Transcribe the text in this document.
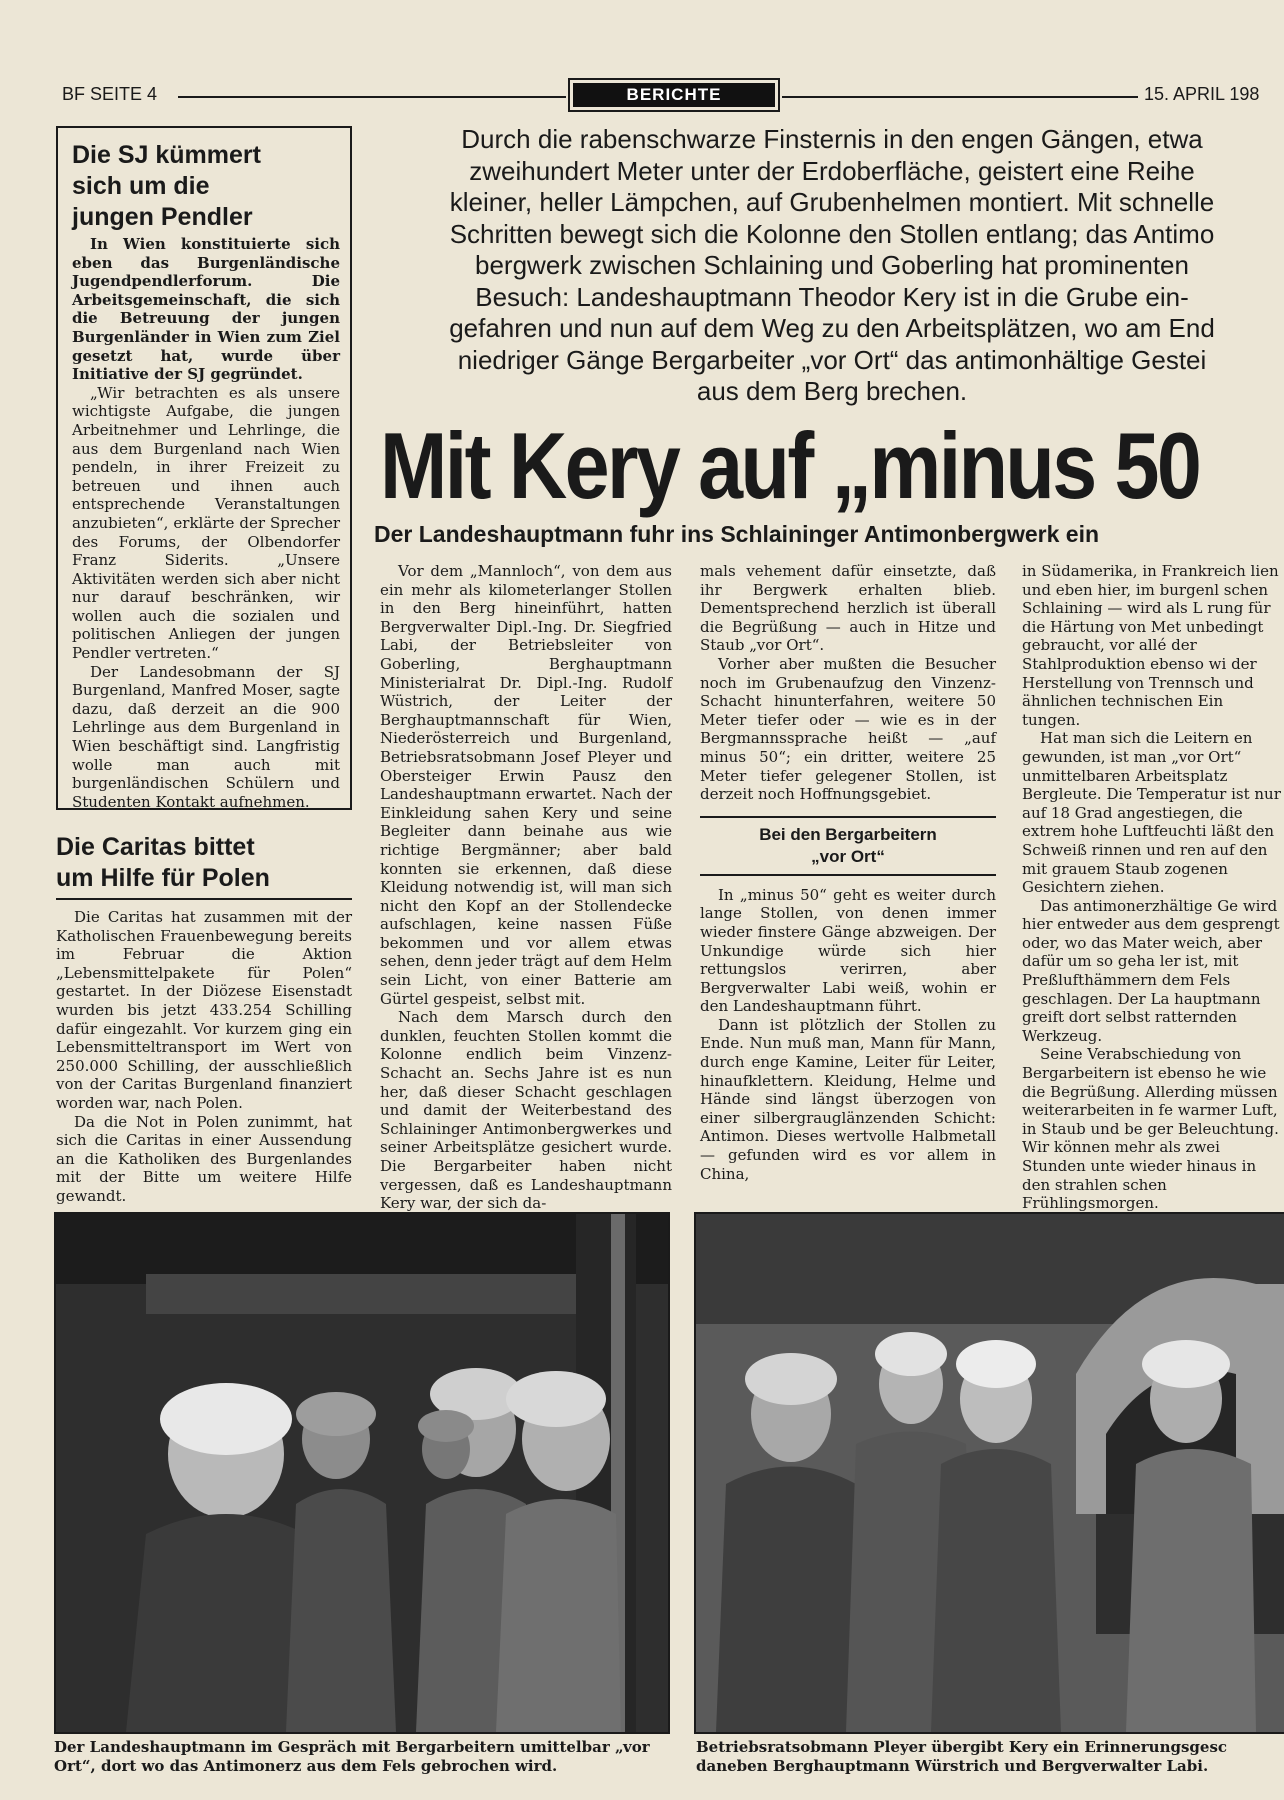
BF SEITE 4	BERICHTE	15. APRIL 198
Die SJ kümmert
sich um die
jungen Pendler

In Wien konstituierte sich eben das Burgenländische Jugendpendlerforum. Die Arbeitsgemeinschaft, die sich die Betreuung der jungen Burgenländer in Wien zum Ziel gesetzt hat, wurde über Initiative der SJ gegründet.

„Wir betrachten es als unsere wichtigste Aufgabe, die jungen Arbeitnehmer und Lehrlinge, die aus dem Burgenland nach Wien pendeln, in ihrer Freizeit zu betreuen und ihnen auch entsprechende Veranstaltungen anzubieten“, erklärte der Sprecher des Forums, der Olbendorfer Franz Siderits. „Unsere Aktivitäten werden sich aber nicht nur darauf beschränken, wir wollen auch die sozialen und politischen Anliegen der jungen Pendler vertreten.“

Der Landesobmann der SJ Burgenland, Manfred Moser, sagte dazu, daß derzeit an die 900 Lehrlinge aus dem Burgenland in Wien beschäftigt sind. Langfristig wolle man auch mit burgenländischen Schülern und Studenten Kontakt aufnehmen.

Die Caritas bittet
um Hilfe für Polen

Die Caritas hat zusammen mit der Katholischen Frauenbewegung bereits im Februar die Aktion „Lebensmittelpakete für Polen“ gestartet. In der Diözese Eisenstadt wurden bis jetzt 433.254 Schilling dafür eingezahlt. Vor kurzem ging ein Lebensmitteltransport im Wert von 250.000 Schilling, der ausschließlich von der Caritas Burgenland finanziert worden war, nach Polen.

Da die Not in Polen zunimmt, hat sich die Caritas in einer Aussendung an die Katholiken des Burgenlandes mit der Bitte um weitere Hilfe gewandt.

Durch die rabenschwarze Finsternis in den engen Gängen, etwa
zweihundert Meter unter der Erdoberfläche, geistert eine Reihe
kleiner, heller Lämpchen, auf Grubenhelmen montiert. Mit schnelle
Schritten bewegt sich die Kolonne den Stollen entlang; das Antimo
bergwerk zwischen Schlaining und Goberling hat prominenten
Besuch: Landeshauptmann Theodor Kery ist in die Grube ein-
gefahren und nun auf dem Weg zu den Arbeitsplätzen, wo am End
niedriger Gänge Bergarbeiter „vor Ort“ das antimonhältige Gestei
aus dem Berg brechen.
Mit Kery auf „minus 50
Der Landeshauptmann fuhr ins Schlaininger Antimonbergwerk ein

Vor dem „Mannloch“, von dem aus ein mehr als kilometerlanger Stollen in den Berg hineinführt, hatten Bergverwalter Dipl.-Ing. Dr. Siegfried Labi, der Betriebsleiter von Goberling, Berghauptmann Ministerialrat Dr. Dipl.-Ing. Rudolf Wüstrich, der Leiter der Berghauptmannschaft für Wien, Niederösterreich und Burgenland, Betriebsratsobmann Josef Pleyer und Obersteiger Erwin Pausz den Landeshauptmann erwartet. Nach der Einkleidung sahen Kery und seine Begleiter dann beinahe aus wie richtige Bergmänner; aber bald konnten sie erkennen, daß diese Kleidung notwendig ist, will man sich nicht den Kopf an der Stollendecke aufschlagen, keine nassen Füße bekommen und vor allem etwas sehen, denn jeder trägt auf dem Helm sein Licht, von einer Batterie am Gürtel gespeist, selbst mit.

Nach dem Marsch durch den dunklen, feuchten Stollen kommt die Kolonne endlich beim Vinzenz-Schacht an. Sechs Jahre ist es nun her, daß dieser Schacht geschlagen und damit der Weiterbestand des Schlaininger Antimonbergwerkes und seiner Arbeitsplätze gesichert wurde. Die Bergarbeiter haben nicht vergessen, daß es Landeshauptmann Kery war, der sich da-

mals vehement dafür einsetzte, daß ihr Bergwerk erhalten blieb. Dementsprechend herzlich ist überall die Begrüßung — auch in Hitze und Staub „vor Ort“.

Vorher aber mußten die Besucher noch im Grubenaufzug den Vinzenz-Schacht hinunterfahren, weitere 50 Meter tiefer oder — wie es in der Bergmannssprache heißt — „auf minus 50“; ein dritter, weitere 25 Meter tiefer gelegener Stollen, ist derzeit noch Hoffnungsgebiet.

Bei den Bergarbeitern
„vor Ort“

In „minus 50“ geht es weiter durch lange Stollen, von denen immer wieder finstere Gänge abzweigen. Der Unkundige würde sich hier rettungslos verirren, aber Bergverwalter Labi weiß, wohin er den Landeshauptmann führt.

Dann ist plötzlich der Stollen zu Ende. Nun muß man, Mann für Mann, durch enge Kamine, Leiter für Leiter, hinaufklettern. Kleidung, Helme und Hände sind längst überzogen von einer silbergrauglänzenden Schicht: Antimon. Dieses wertvolle Halbmetall — gefunden wird es vor allem in China,

in Südamerika, in Frankreich lien und eben hier, im burgenl schen Schlaining — wird als L rung für die Härtung von Met unbedingt gebraucht, vor allé der Stahlproduktion ebenso wi der Herstellung von Trennsch und ähnlichen technischen Ein tungen.

Hat man sich die Leitern en gewunden, ist man „vor Ort“ unmittelbaren Arbeitsplatz Bergleute. Die Temperatur ist nur auf 18 Grad angestiegen, die extrem hohe Luftfeuchti läßt den Schweiß rinnen und ren auf den mit grauem Staub zogenen Gesichtern ziehen.

Das antimonerzhältige Ge wird hier entweder aus dem gesprengt oder, wo das Mater weich, aber dafür um so geha ler ist, mit Preßlufthämmern dem Fels geschlagen. Der La hauptmann greift dort selbst ratternden Werkzeug.

Seine Verabschiedung von Bergarbeitern ist ebenso he wie die Begrüßung. Allerding müssen weiterarbeiten in fe warmer Luft, in Staub und be ger Beleuchtung. Wir können mehr als zwei Stunden unte wieder hinaus in den strahlen schen Frühlingsmorgen.

Der Landeshauptmann im Gespräch mit Bergarbeitern umittelbar „vor
Ort“, dort wo das Antimonerz aus dem Fels gebrochen wird.
Betriebsratsobmann Pleyer übergibt Kery ein Erinnerungsgesc
daneben Berghauptmann Würstrich und Bergverwalter Labi.
